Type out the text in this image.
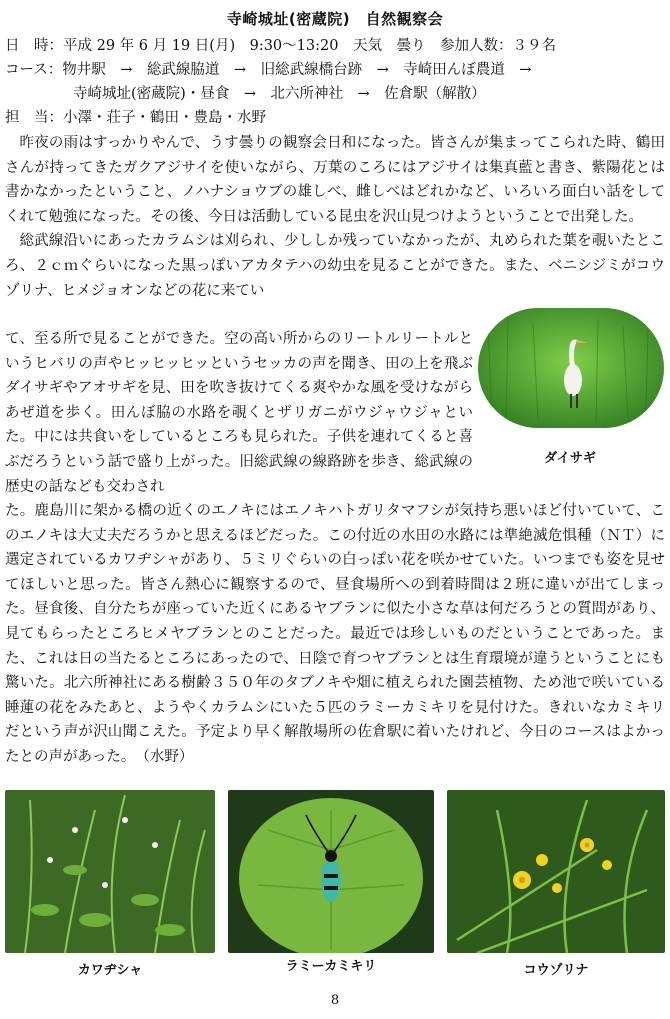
寺崎城址(密蔵院)　自然観察会
日　時：平成 29 年 6 月 19 日(月)　9:30～13:20　天気　曇り　参加人数：３９名
コース：物井駅　→　総武線脇道　→　旧総武線橋台跡　→　寺崎田んぼ農道　→
寺崎城址(密蔵院)・昼食　→　北六所神社　→　佐倉駅（解散）
担　当：小澤・荘子・鶴田・豊島・水野

昨夜の雨はすっかりやんで、うす曇りの観察会日和になった。皆さんが集まってこられた時、鶴田さんが持ってきたガクアジサイを使いながら、万葉のころにはアジサイは集真藍と書き、紫陽花とは書かなかったということ、ノハナショウブの雄しべ、雌しべはどれかなど、いろいろ面白い話をしてくれて勉強になった。その後、今日は活動している昆虫を沢山見つけようということで出発した。

総武線沿いにあったカラムシは刈られ、少ししか残っていなかったが、丸められた葉を覗いたところ、２ｃｍぐらいになった黒っぽいアカタテハの幼虫を見ることができた。また、ベニシジミがコウゾリナ、ヒメジョオンなどの花に来てい

て、至る所で見ることができた。空の高い所からのリートルリートルというヒバリの声やヒッヒッヒッというセッカの声を聞き、田の上を飛ぶダイサギやアオサギを見、田を吹き抜けてくる爽やかな風を受けながらあぜ道を歩く。田んぼ脇の水路を覗くとザリガニがウジャウジャといた。中には共食いをしているところも見られた。子供を連れてくると喜ぶだろうという話で盛り上がった。旧総武線の線路跡を歩き、総武線の歴史の話なども交わされ

た。鹿島川に架かる橋の近くのエノキにはエノキハトガリタマフシが気持ち悪いほど付いていて、このエノキは大丈夫だろうかと思えるほどだった。この付近の水田の水路には準絶滅危惧種（ＮＴ）に選定されているカワヂシャがあり、５ミリぐらいの白っぽい花を咲かせていた。いつまでも姿を見せてほしいと思った。皆さん熱心に観察するので、昼食場所への到着時間は２班に違いが出てしまった。昼食後、自分たちが座っていた近くにあるヤブランに似た小さな草は何だろうとの質問があり、見てもらったところヒメヤブランとのことだった。最近では珍しいものだということであった。また、これは日の当たるところにあったので、日陰で育つヤブランとは生育環境が違うということにも驚いた。北六所神社にある樹齢３５０年のタブノキや畑に植えられた園芸植物、ため池で咲いている睡蓮の花をみたあと、ようやくカラムシにいた５匹のラミーカミキリを見付けた。きれいなカミキリだという声が沢山聞こえた。予定より早く解散場所の佐倉駅に着いたけれど、今日のコースはよかったとの声があった。　（水野）

ダイサギ
カワヂシャ	ラミーカミキリ	コウゾリナ
8
